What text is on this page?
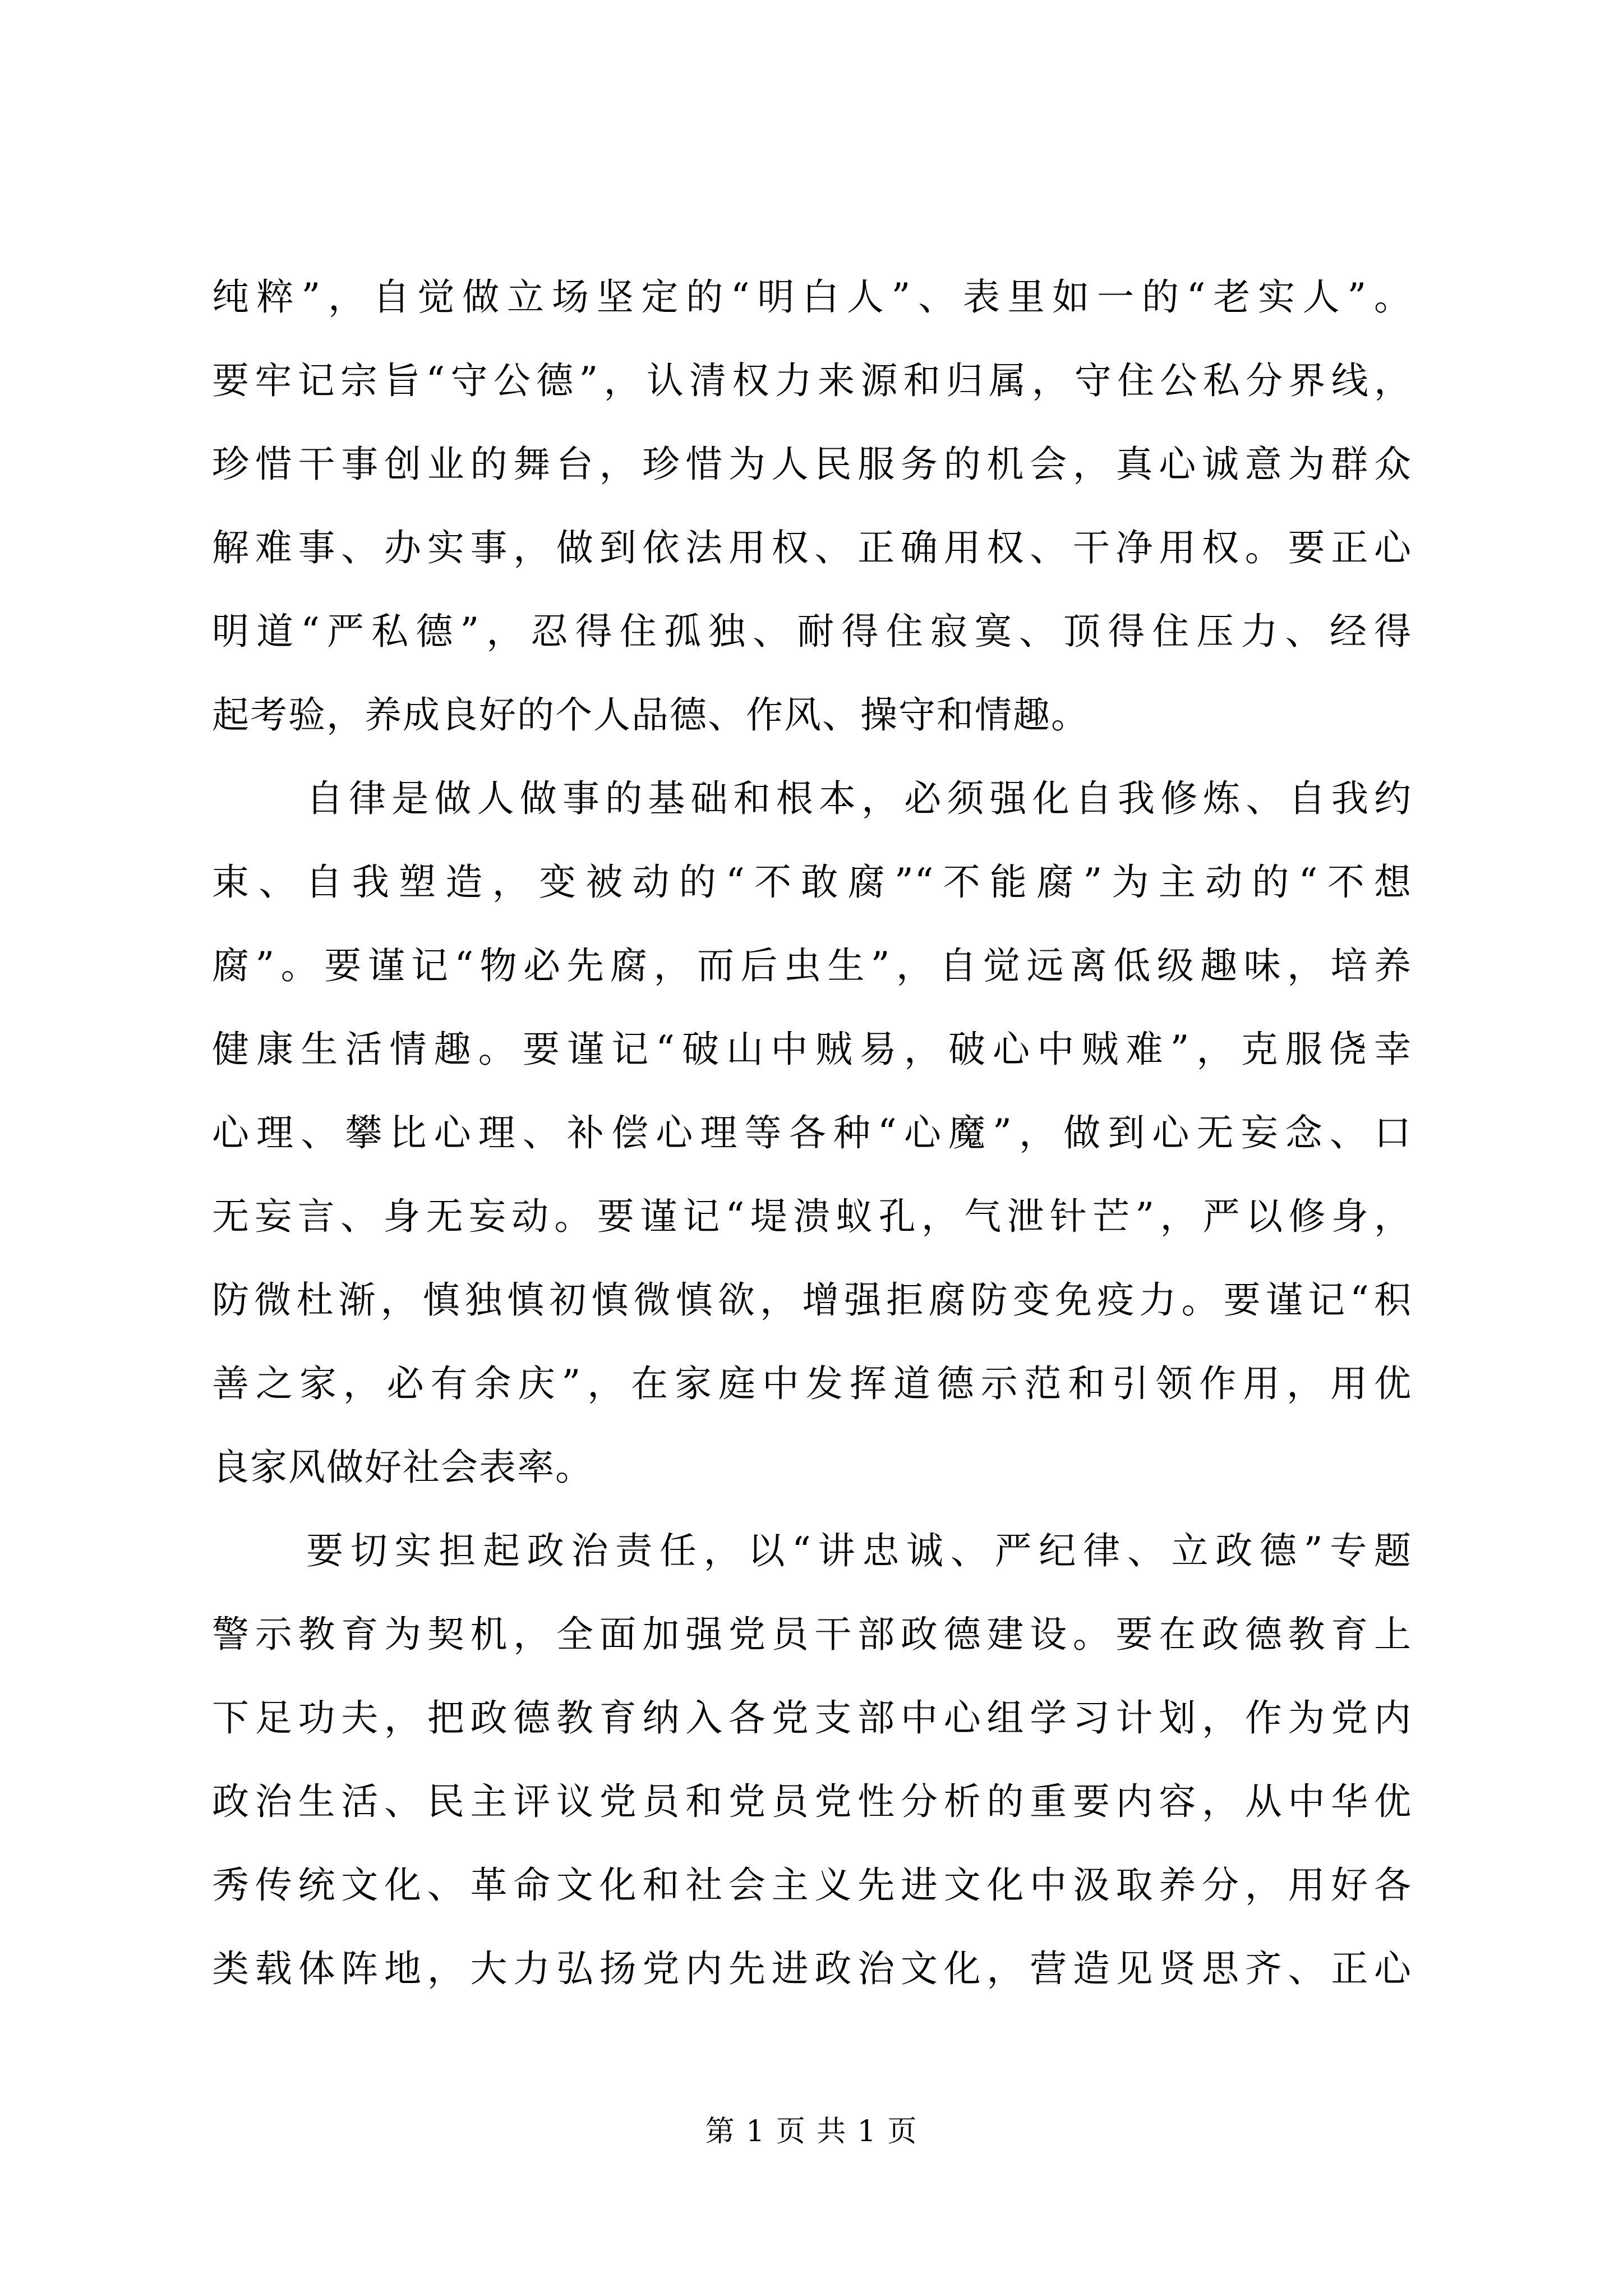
纯粹”，自觉做立场坚定的“明白人”、表里如一的“老实人”。
要牢记宗旨“守公德”，认清权力来源和归属，守住公私分界线，
珍惜干事创业的舞台，珍惜为人民服务的机会，真心诚意为群众
解难事、办实事，做到依法用权、正确用权、干净用权。要正心
明道“严私德”，忍得住孤独、耐得住寂寞、顶得住压力、经得
起考验，养成良好的个人品德、作风、操守和情趣。
自律是做人做事的基础和根本，必须强化自我修炼、自我约
束、自我塑造，变被动的“不敢腐”“不能腐”为主动的“不想
腐”。要谨记“物必先腐，而后虫生”，自觉远离低级趣味，培养
健康生活情趣。要谨记“破山中贼易，破心中贼难”，克服侥幸
心理、攀比心理、补偿心理等各种“心魔”，做到心无妄念、口
无妄言、身无妄动。要谨记“堤溃蚁孔，气泄针芒”，严以修身，
防微杜渐，慎独慎初慎微慎欲，增强拒腐防变免疫力。要谨记“积
善之家，必有余庆”，在家庭中发挥道德示范和引领作用，用优
良家风做好社会表率。
要切实担起政治责任，以“讲忠诚、严纪律、立政德”专题
警示教育为契机，全面加强党员干部政德建设。要在政德教育上
下足功夫，把政德教育纳入各党支部中心组学习计划，作为党内
政治生活、民主评议党员和党员党性分析的重要内容，从中华优
秀传统文化、革命文化和社会主义先进文化中汲取养分，用好各
类载体阵地，大力弘扬党内先进政治文化，营造见贤思齐、正心
第 1 页 共 1 页
